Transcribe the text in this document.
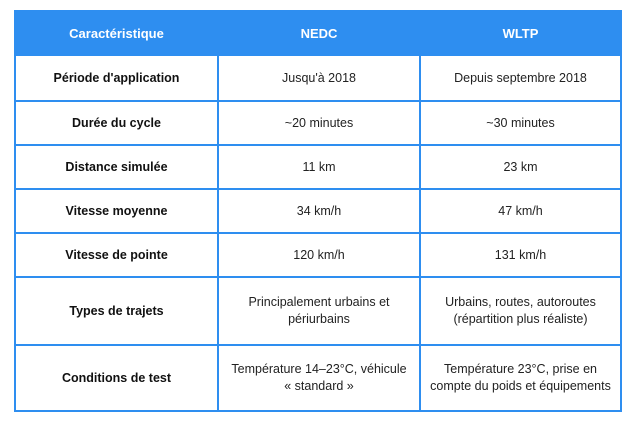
Caractéristique	NEDC	WLTP
Période d'application	Jusqu'à 2018	Depuis septembre 2018
Durée du cycle	~20 minutes	~30 minutes
Distance simulée	11 km	23 km
Vitesse moyenne	34 km/h	47 km/h
Vitesse de pointe	120 km/h	131 km/h
Types de trajets	Principalement urbains et périurbains	Urbains, routes, autoroutes (répartition plus réaliste)
Conditions de test	Température 14–23°C, véhicule « standard »	Température 23°C, prise en compte du poids et équipements
